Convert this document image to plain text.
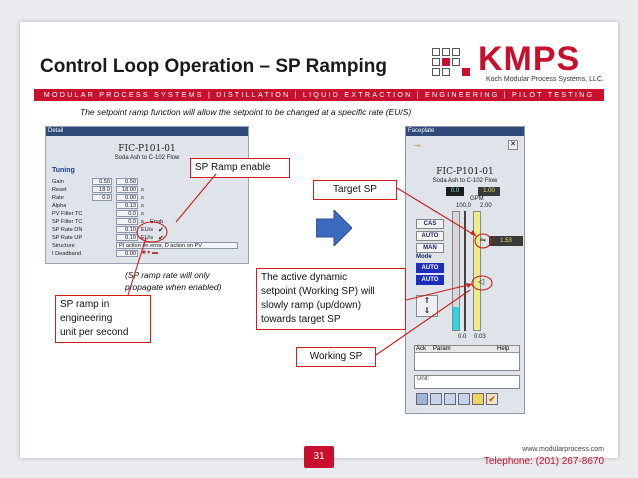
Control Loop Operation – SP Ramping	KMPS
Koch Modular Process Systems, LLC.
MODULAR PROCESS SYSTEMS | DISTILLATION | LIQUID EXTRACTION | ENGINEERING | PILOT TESTING
The setpoint ramp function will allow the setpoint to be changed at a specific rate (EU/S)
Detail
FIC-P101-01
Soda Ash to C-102 Flow
Tuning
Gain	0.50	0.50
Reset	18.0	18.00 s
Rate	0.0	0.00 s
Alpha	0.13 s
PV Filter TC	0.0 s
SP Filter TC	0.0 s Enab
SP Rate DN	0.10 EU/s ✔
SP Rate UP	0.10 EU/s ✔
Structure	PI action on error, D action on PV
I Deadband	0.00	■ ▾ ▬
Faceplate
⊸	✕
FIC-P101-01
Soda Ash to C-102 Flow
0.0	1.00
GPM
100.0 2.00
CAS
AUTO
MAN
Mode
AUTO
AUTO
⇑
⇓
⇋	1.53
◁
0.0 0.03
Ack	Param	Help
Unit:
✔
SP Ramp enable
Target SP
(SP ramp rate will only
propagate when enabled)
SP ramp in
engineering
unit per second
The active dynamic
setpoint (Working SP) will
slowly ramp (up/down)
towards target SP
Working SP
31
www.modularprocess.com
Telephone: (201) 267-8670
